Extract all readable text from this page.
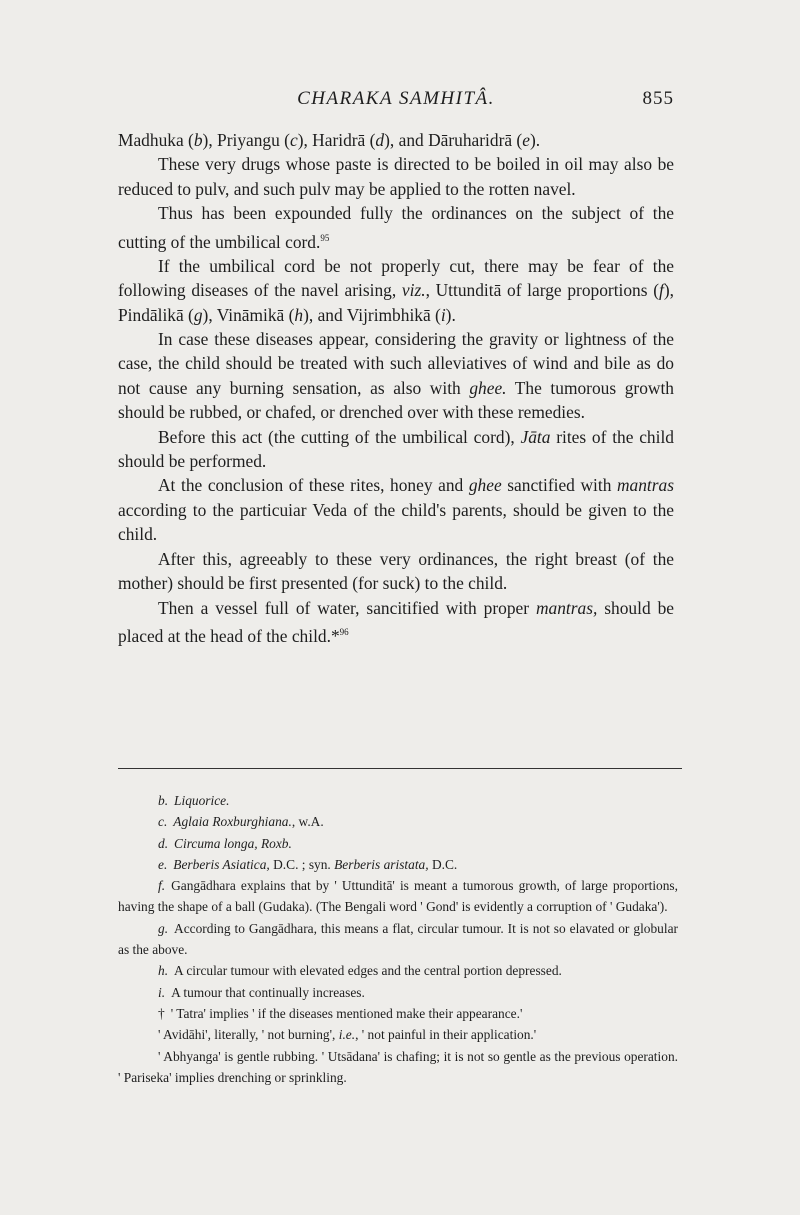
CHARAKA SAMHITÂ.	855

Madhuka (b), Priyangu (c), Haridrā (d), and Dāruharidrā (e).

These very drugs whose paste is directed to be boiled in oil may also be reduced to pulv, and such pulv may be applied to the rotten navel.

Thus has been expounded fully the ordinances on the subject of the cutting of the umbilical cord.$^{95}$

If the umbilical cord be not properly cut, there may be fear of the following diseases of the navel arising, viz., Uttunditā of large proportions (f), Pindālikā (g), Vināmikā (h), and Vijrimbhikā (i).

In case these diseases appear, considering the gravity or lightness of the case, the child should be treated with such alleviatives of wind and bile as do not cause any burning sensation, as also with ghee. The tumorous growth should be rubbed, or chafed, or drenched over with these remedies.

Before this act (the cutting of the umbilical cord), Jāta rites of the child should be performed.

At the conclusion of these rites, honey and ghee sanctified with mantras according to the particuiar Veda of the child's parents, should be given to the child.

After this, agreeably to these very ordinances, the right breast (of the mother) should be first presented (for suck) to the child.

Then a vessel full of water, sancitified with proper mantras, should be placed at the head of the child.*$^{96}$

b. Liquorice.

c. Aglaia Roxburghiana., w.A.

d. Circuma longa, Roxb.

e. Berberis Asiatica, D.C. ; syn. Berberis aristata, D.C.

f. Gangādhara explains that by ' Uttunditā' is meant a tumorous growth, of large proportions, having the shape of a ball (Gudaka). (The Bengali word ' Gond' is evidently a corruption of ' Gudaka').

g. According to Gangādhara, this means a flat, circular tumour. It is not so elavated or globular as the above.

h. A circular tumour with elevated edges and the central portion depressed.

i. A tumour that continually increases.

† ' Tatra' implies ' if the diseases mentioned make their appearance.'

' Avidāhi', literally, ' not burning', i.e., ' not painful in their application.'

' Abhyanga' is gentle rubbing. ' Utsādana' is chafing; it is not so gentle as the previous operation. ' Pariseka' implies drenching or sprinkling.
